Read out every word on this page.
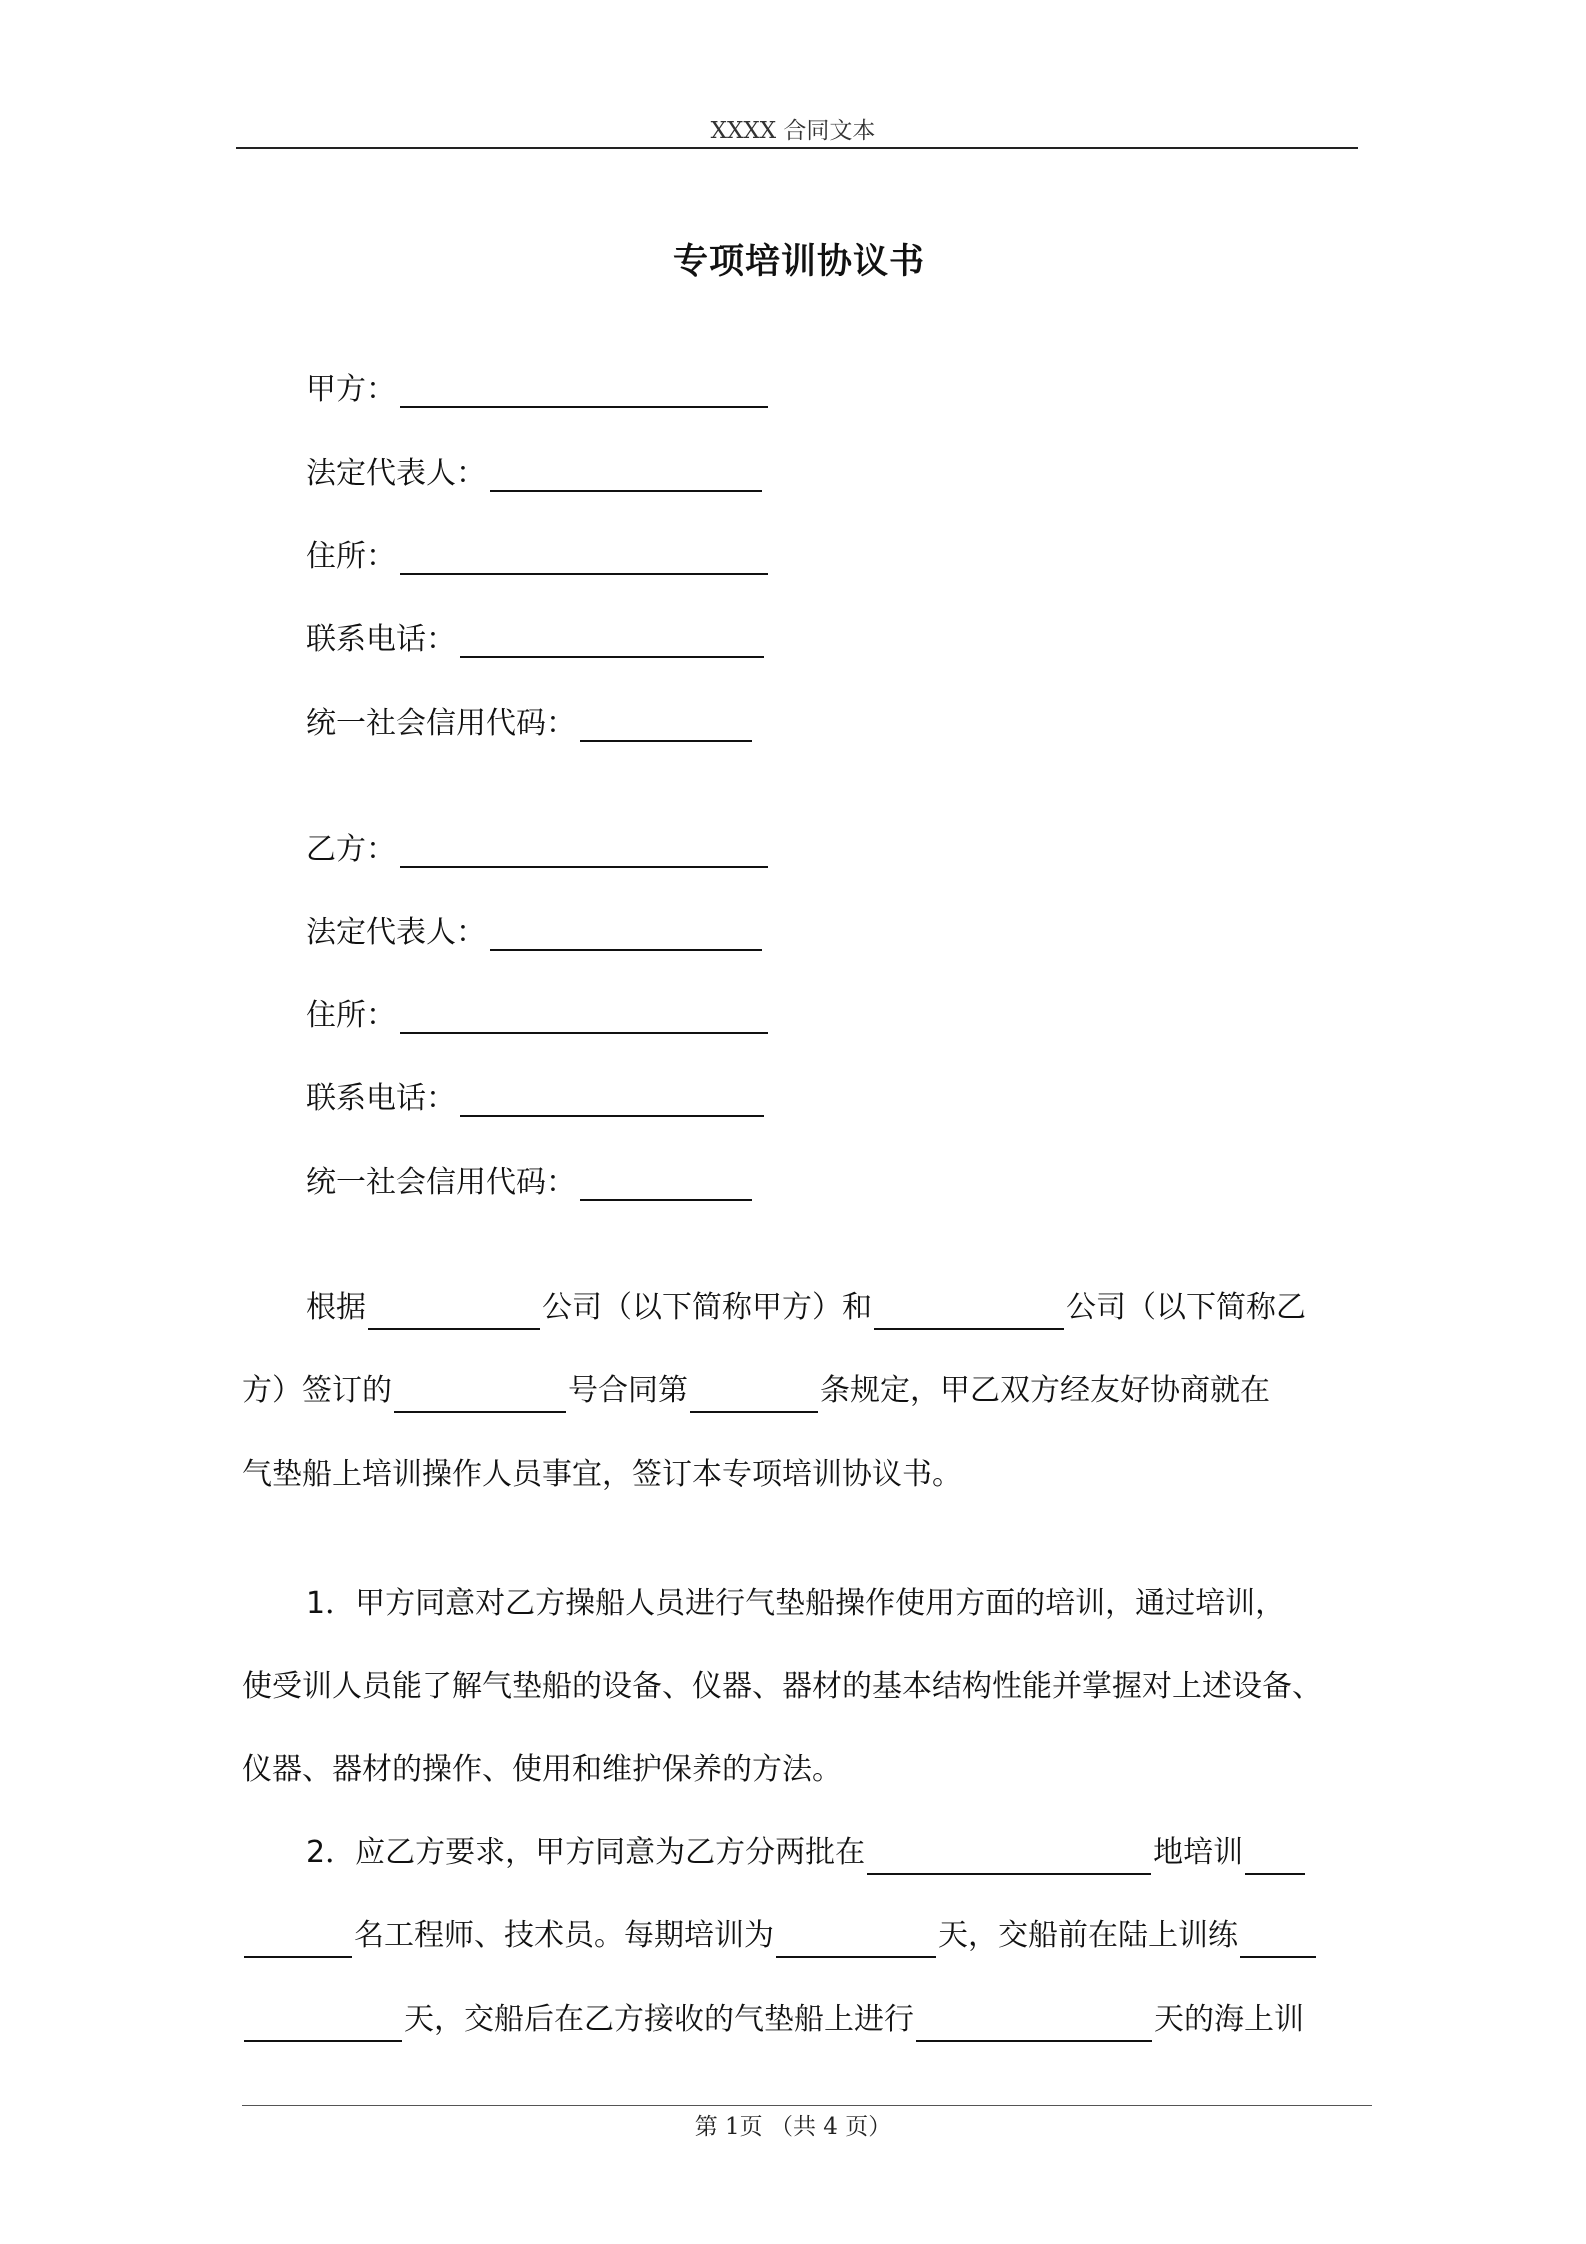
XXXX 合同文本
专项培训协议书
甲方：
法定代表人：
住所：
联系电话：
统一社会信用代码：
乙方：
法定代表人：
住所：
联系电话：
统一社会信用代码：
根据	公司（以下简称甲方）和	公司（以下简称乙
方）签订的	号合同第	条规定，甲乙双方经友好协商就在
气垫船上培训操作人员事宜，签订本专项培训协议书。
1．甲方同意对乙方操船人员进行气垫船操作使用方面的培训，通过培训，
使受训人员能了解气垫船的设备、仪器、器材的基本结构性能并掌握对上述设备、
仪器、器材的操作、使用和维护保养的方法。
2．应乙方要求，甲方同意为乙方分两批在	地培训
名工程师、技术员。每期培训为	天，交船前在陆上训练
天，交船后在乙方接收的气垫船上进行	天的海上训
第 1页 （共 4 页）
